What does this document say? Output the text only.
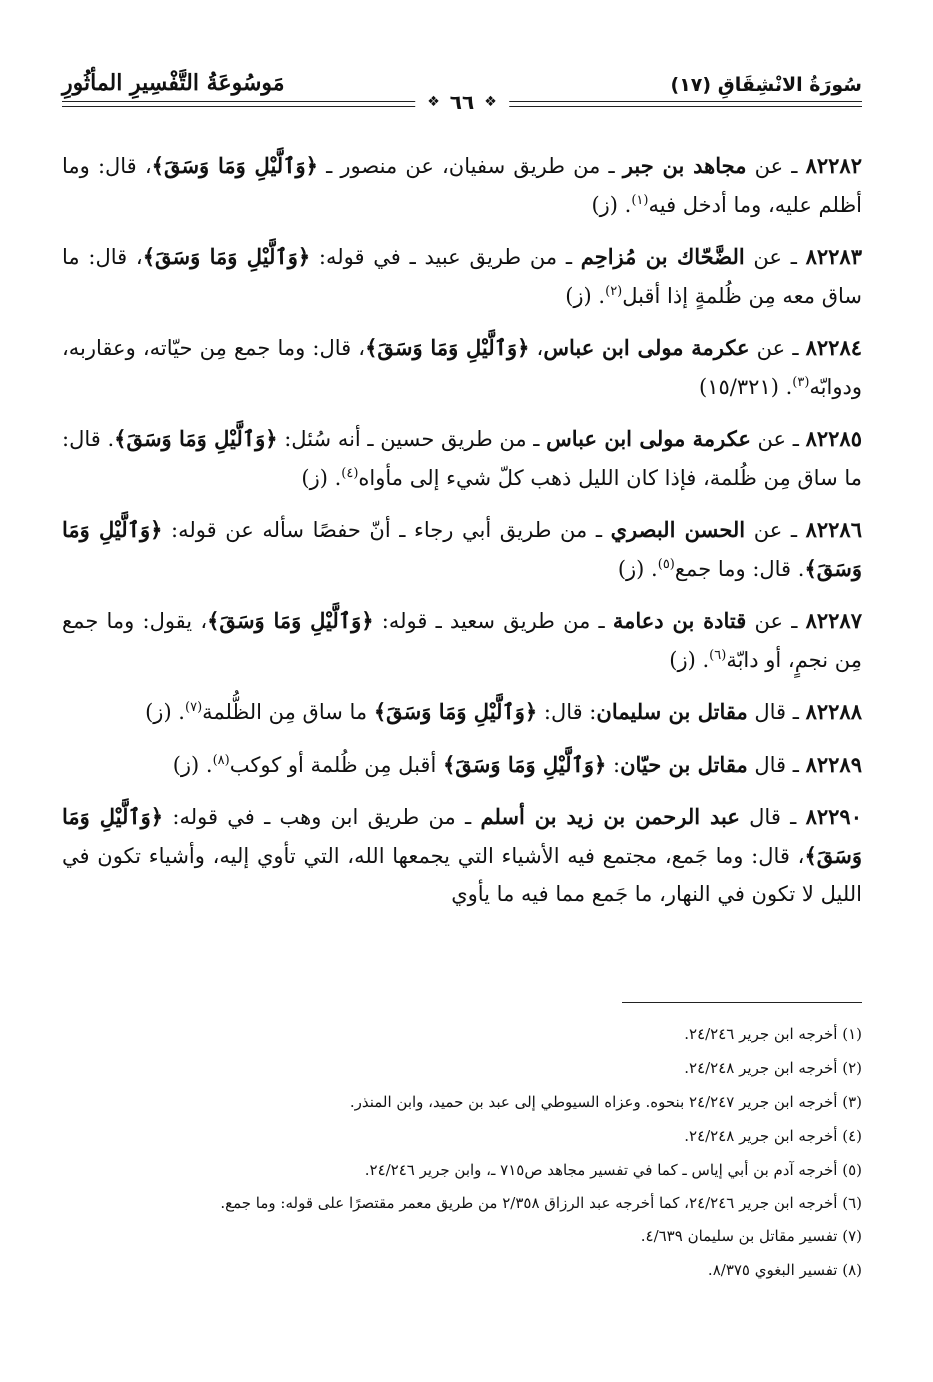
سُورَةُ الانْشِقَاقِ (١٧)
مَوسُوعَةُ التَّفْسِيرِ المأثُورِ
❖ ٦٦ ❖

٨٢٢٨٢ ـ عن مجاهد بن جبر ـ من طريق سفيان، عن منصور ـ ﴿وَٱلَّيْلِ وَمَا وَسَقَ﴾، قال: وما أظلم عليه، وما أدخل فيه$^{(١)}$. (ز)

٨٢٢٨٣ ـ عن الضَّحّاك بن مُزاحِم ـ من طريق عبيد ـ في قوله: ﴿وَٱلَّيْلِ وَمَا وَسَقَ﴾، قال: ما ساق معه مِن ظُلمةٍ إذا أقبل$^{(٢)}$. (ز)

٨٢٢٨٤ ـ عن عكرمة مولى ابن عباس، ﴿وَٱلَّيْلِ وَمَا وَسَقَ﴾، قال: وما جمع مِن حيّاته، وعقاربه، ودوابّه$^{(٣)}$. (١٥/٣٢١)

٨٢٢٨٥ ـ عن عكرمة مولى ابن عباس ـ من طريق حسين ـ أنه سُئل: ﴿وَٱلَّيْلِ وَمَا وَسَقَ﴾. قال: ما ساق مِن ظُلمة، فإذا كان الليل ذهب كلّ شيء إلى مأواه$^{(٤)}$. (ز)

٨٢٢٨٦ ـ عن الحسن البصري ـ من طريق أبي رجاء ـ أنّ حفصًا سأله عن قوله: ﴿وَٱلَّيْلِ وَمَا وَسَقَ﴾. قال: وما جمع$^{(٥)}$. (ز)

٨٢٢٨٧ ـ عن قتادة بن دعامة ـ من طريق سعيد ـ قوله: ﴿وَٱلَّيْلِ وَمَا وَسَقَ﴾، يقول: وما جمع مِن نجمٍ، أو دابّة$^{(٦)}$. (ز)

٨٢٢٨٨ ـ قال مقاتل بن سليمان: قال: ﴿وَٱلَّيْلِ وَمَا وَسَقَ﴾ ما ساق مِن الظُّلمة$^{(٧)}$. (ز)

٨٢٢٨٩ ـ قال مقاتل بن حيّان: ﴿وَٱلَّيْلِ وَمَا وَسَقَ﴾ أقبل مِن ظُلمة أو كوكب$^{(٨)}$. (ز)

٨٢٢٩٠ ـ قال عبد الرحمن بن زيد بن أسلم ـ من طريق ابن وهب ـ في قوله: ﴿وَٱلَّيْلِ وَمَا وَسَقَ﴾، قال: وما جَمع، مجتمع فيه الأشياء التي يجمعها الله، التي تأوي إليه، وأشياء تكون في الليل لا تكون في النهار، ما جَمع مما فيه ما يأوي

(١) أخرجه ابن جرير ٢٤/٢٤٦.

(٢) أخرجه ابن جرير ٢٤/٢٤٨.

(٣) أخرجه ابن جرير ٢٤/٢٤٧ بنحوه. وعزاه السيوطي إلى عبد بن حميد، وابن المنذر.

(٤) أخرجه ابن جرير ٢٤/٢٤٨.

(٥) أخرجه آدم بن أبي إياس ـ كما في تفسير مجاهد ص٧١٥ ـ، وابن جرير ٢٤/٢٤٦.

(٦) أخرجه ابن جرير ٢٤/٢٤٦، كما أخرجه عبد الرزاق ٢/٣٥٨ من طريق معمر مقتصرًا على قوله: وما جمع.

(٧) تفسير مقاتل بن سليمان ٤/٦٣٩.

(٨) تفسير البغوي ٨/٣٧٥.
